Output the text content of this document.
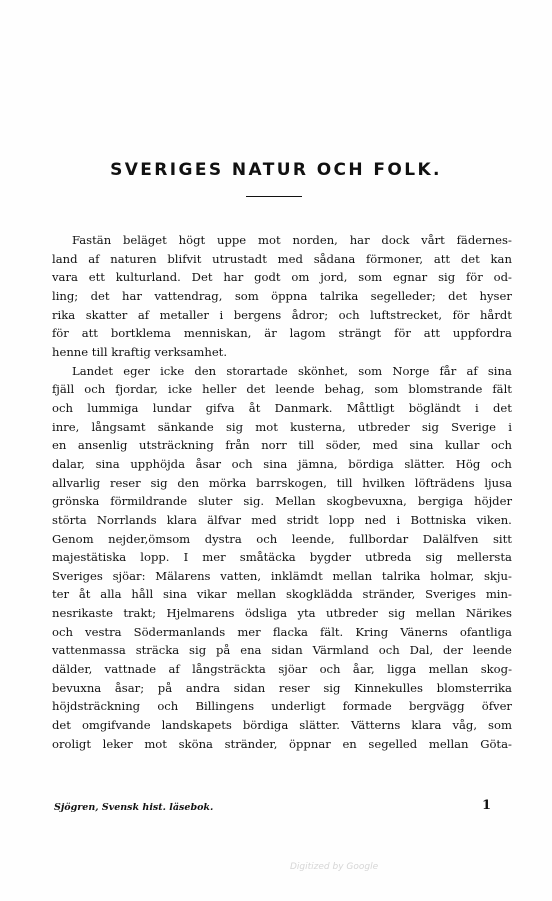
SVERIGES NATUR OCH FOLK.
Fastän beläget högt uppe mot norden, har dock vårt fädernes-
land af naturen blifvit utrustadt med sådana förmoner, att det kan
vara ett kulturland. Det har godt om jord, som egnar sig för od-
ling; det har vattendrag, som öppna talrika segelleder; det hyser
rika skatter af metaller i bergens ådror; och luftstrecket, för hårdt
för att bortklema menniskan, är lagom strängt för att uppfordra
henne till kraftig verksamhet.
Landet eger icke den storartade skönhet, som Norge får af sina
fjäll och fjordar, icke heller det leende behag, som blomstrande fält
och lummiga lundar gifva åt Danmark. Måttligt bögländt i det
inre, långsamt sänkande sig mot kusterna, utbreder sig Sverige i
en ansenlig utsträckning från norr till söder, med sina kullar och
dalar, sina upphöjda åsar och sina jämna, bördiga slätter. Hög och
allvarlig reser sig den mörka barrskogen, till hvilken löfträdens ljusa
grönska förmildrande sluter sig. Mellan skogbevuxna, bergiga höjder
störta Norrlands klara älfvar med stridt lopp ned i Bottniska viken.
Genom nejder,ömsom dystra och leende, fullbordar Dalälfven sitt
majestätiska lopp. I mer småtäcka bygder utbreda sig mellersta
Sveriges sjöar: Mälarens vatten, inklämdt mellan talrika holmar, skju-
ter åt alla håll sina vikar mellan skogklädda stränder, Sveriges min-
nesrikaste trakt; Hjelmarens ödsliga yta utbreder sig mellan Närikes
och vestra Södermanlands mer flacka fält. Kring Vänerns ofantliga
vattenmassa sträcka sig på ena sidan Värmland och Dal, der leende
dälder, vattnade af långsträckta sjöar och åar, ligga mellan skog-
bevuxna åsar; på andra sidan reser sig Kinnekulles blomsterrika
höjdsträckning och Billingens underligt formade bergvägg öfver
det omgifvande landskapets bördiga slätter. Vätterns klara våg, som
oroligt leker mot sköna stränder, öppnar en segelled mellan Göta-
Sjögren, Svensk hist. läsebok.	1
Digitized by Google
